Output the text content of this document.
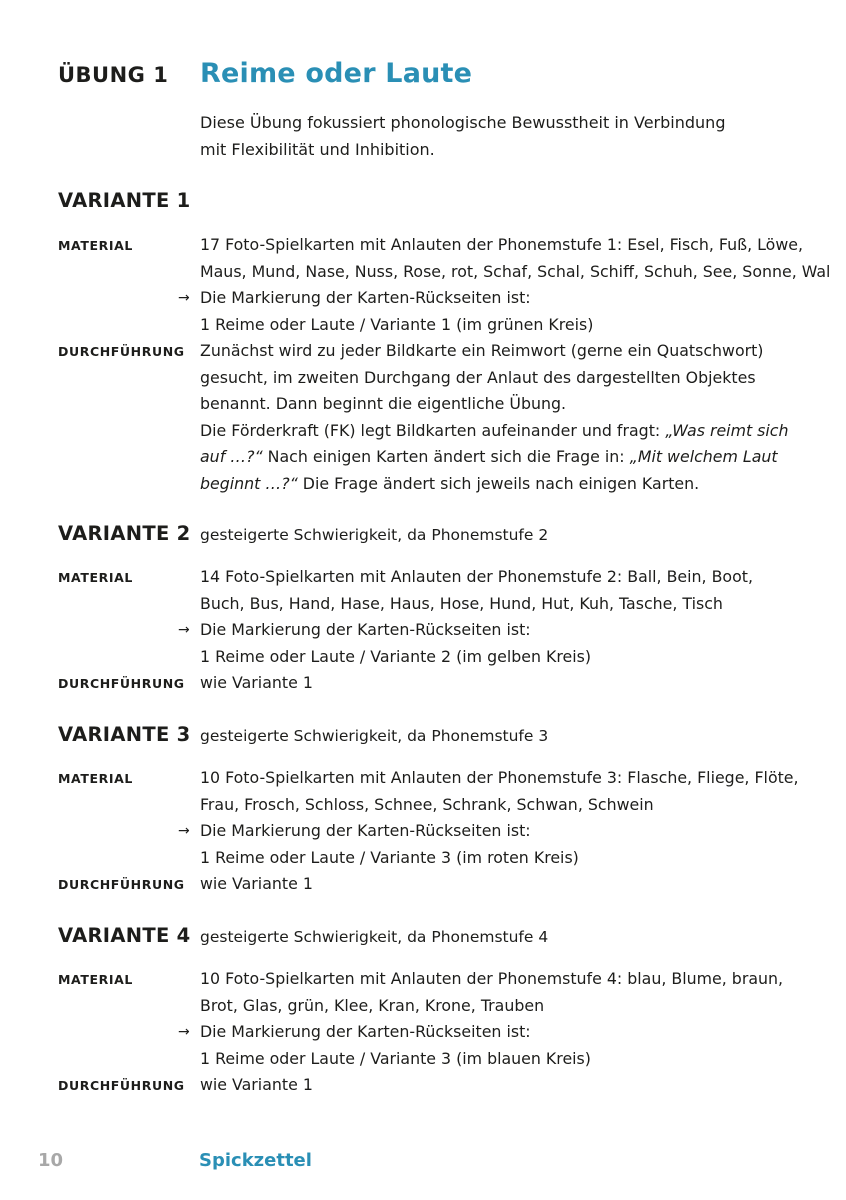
ÜBUNG 1	Reime oder Laute
Diese Übung fokussiert phonologische Bewusstheit in Verbindung
mit Flexibilität und Inhibition.
VARIANTE 1
MATERIAL	17 Foto-Spielkarten mit Anlauten der Phonemstufe 1: Esel, Fisch, Fuß, Löwe,
Maus, Mund, Nase, Nuss, Rose, rot, Schaf, Schal, Schiff, Schuh, See, Sonne, Wal
→ Die Markierung der Karten-Rückseiten ist:
1 Reime oder Laute / Variante 1 (im grünen Kreis)
DURCHFÜHRUNG Zunächst wird zu jeder Bildkarte ein Reimwort (gerne ein Quatschwort)
gesucht, im zweiten Durchgang der Anlaut des dargestellten Objektes
benannt. Dann beginnt die eigentliche Übung.
Die Förderkraft (FK) legt Bildkarten aufeinander und fragt: „Was reimt sich
auf …?“ Nach einigen Karten ändert sich die Frage in: „Mit welchem Laut
beginnt …?“ Die Frage ändert sich jeweils nach einigen Karten.
VARIANTE 2 gesteigerte Schwierigkeit, da Phonemstufe 2
MATERIAL	14 Foto-Spielkarten mit Anlauten der Phonemstufe 2: Ball, Bein, Boot,
Buch, Bus, Hand, Hase, Haus, Hose, Hund, Hut, Kuh, Tasche, Tisch
→ Die Markierung der Karten-Rückseiten ist:
1 Reime oder Laute / Variante 2 (im gelben Kreis)
DURCHFÜHRUNG wie Variante 1
VARIANTE 3 gesteigerte Schwierigkeit, da Phonemstufe 3
MATERIAL	10 Foto-Spielkarten mit Anlauten der Phonemstufe 3: Flasche, Fliege, Flöte,
Frau, Frosch, Schloss, Schnee, Schrank, Schwan, Schwein
→ Die Markierung der Karten-Rückseiten ist:
1 Reime oder Laute / Variante 3 (im roten Kreis)
DURCHFÜHRUNG wie Variante 1
VARIANTE 4 gesteigerte Schwierigkeit, da Phonemstufe 4
MATERIAL	10 Foto-Spielkarten mit Anlauten der Phonemstufe 4: blau, Blume, braun,
Brot, Glas, grün, Klee, Kran, Krone, Trauben
→ Die Markierung der Karten-Rückseiten ist:
1 Reime oder Laute / Variante 3 (im blauen Kreis)
DURCHFÜHRUNG wie Variante 1
10	Spickzettel
